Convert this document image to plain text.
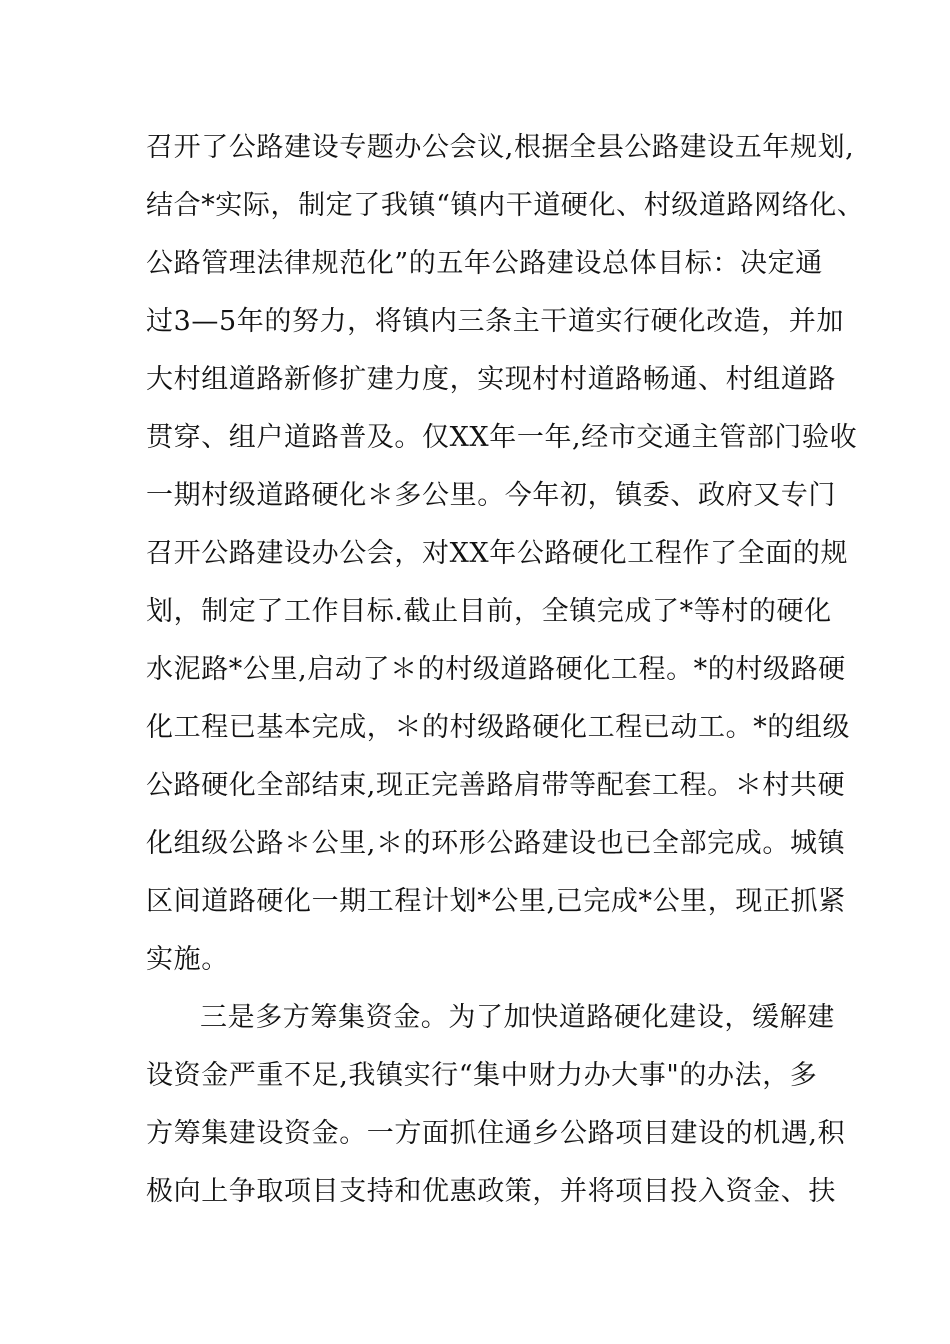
召开了公路建设专题办公会议,根据全县公路建设五年规划,
结合*实际，制定了我镇“镇内干道硬化、村级道路网络化、
公路管理法律规范化”的五年公路建设总体目标：决定通
过3—5年的努力，将镇内三条主干道实行硬化改造，并加
大村组道路新修扩建力度，实现村村道路畅通、村组道路
贯穿、组户道路普及。仅XX年一年,经市交通主管部门验收
一期村级道路硬化＊多公里。今年初，镇委、政府又专门
召开公路建设办公会，对XX年公路硬化工程作了全面的规
划，制定了工作目标.截止目前，全镇完成了*等村的硬化
水泥路*公里,启动了＊的村级道路硬化工程。*的村级路硬
化工程已基本完成，＊的村级路硬化工程已动工。*的组级
公路硬化全部结束,现正完善路肩带等配套工程。＊村共硬
化组级公路＊公里,＊的环形公路建设也已全部完成。城镇
区间道路硬化一期工程计划*公里,已完成*公里，现正抓紧
实施。
三是多方筹集资金。为了加快道路硬化建设，缓解建
设资金严重不足,我镇实行“集中财力办大事"的办法，多
方筹集建设资金。一方面抓住通乡公路项目建设的机遇,积
极向上争取项目支持和优惠政策，并将项目投入资金、扶
